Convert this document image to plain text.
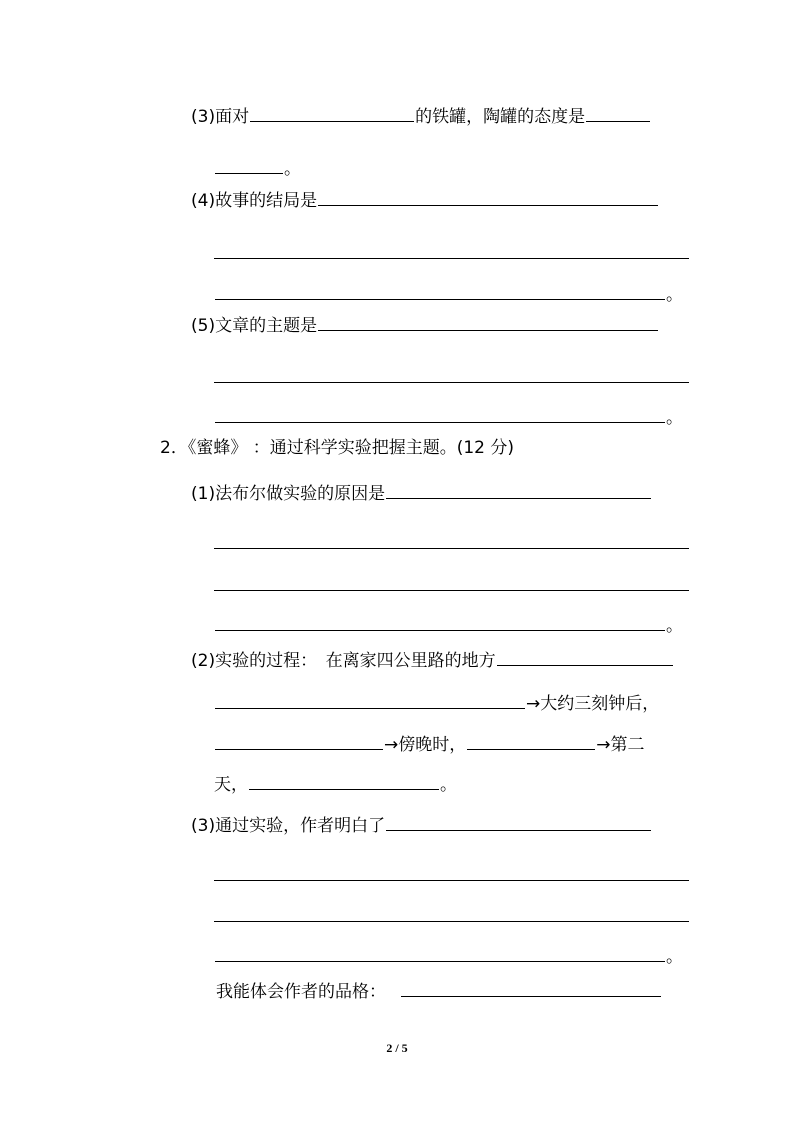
(3)面对	的铁罐，陶罐的态度是
。
(4)故事的结局是
。
(5)文章的主题是
。
2．《蜜蜂》 ：通过科学实验把握主题。(12 分)
(1)法布尔做实验的原因是
。
(2)实验的过程：　在离家四公里路的地方
→大约三刻钟后，
→傍晚时，	→第二
天，	。
(3)通过实验，作者明白了
。
我能体会作者的品格：
2 / 5
